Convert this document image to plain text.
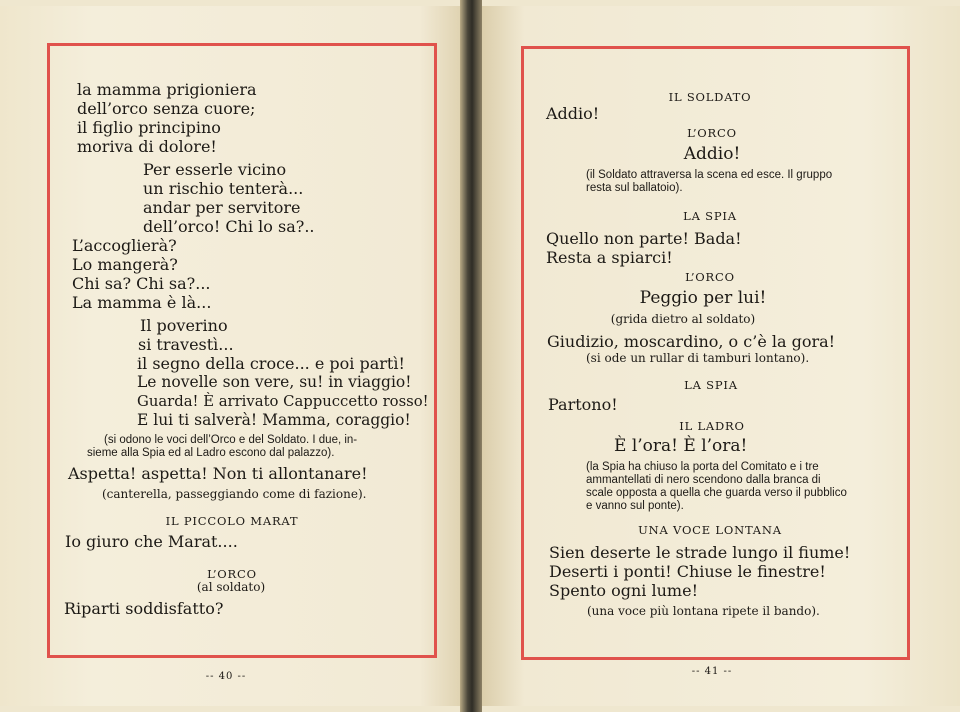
la mamma prigioniera
dell’orco senza cuore;
il figlio principino
moriva di dolore!
Per esserle vicino
un rischio tenterà...
andar per servitore
dell’orco! Chi lo sa?..
L’accoglierà?
Lo mangerà?
Chi sa? Chi sa?...
La mamma è là...
Il poverino
si travestì...
il segno della croce... e poi partì!
Le novelle son vere, su! in viaggio!
Guarda! È arrivato Cappuccetto rosso!
E lui ti salverà! Mamma, coraggio!
(si odono le voci dell’Orco e del Soldato. I due, in-
sieme alla Spia ed al Ladro escono dal palazzo).
Aspetta! aspetta! Non ti allontanare!
(canterella, passeggiando come di fazione).
IL PICCOLO MARAT
Io giuro che Marat....
L’ORCO
(al soldato)
Riparti soddisfatto?
-- 40 --
IL SOLDATO
Addio!
L’ORCO
Addio!
(il Soldato attraversa la scena ed esce. Il gruppo
resta sul ballatoio).
LA SPIA
Quello non parte! Bada!
Resta a spiarci!
L’ORCO
Peggio per lui!
(grida dietro al soldato)
Giudizio, moscardino, o c’è la gora!
(si ode un rullar di tamburi lontano).
LA SPIA
Partono!
IL LADRO
È l’ora! È l’ora!
(la Spia ha chiuso la porta del Comitato e i tre
ammantellati di nero scendono dalla branca di
scale opposta a quella che guarda verso il pubblico
e vanno sul ponte).
UNA VOCE LONTANA
Sien deserte le strade lungo il fiume!
Deserti i ponti! Chiuse le finestre!
Spento ogni lume!
(una voce più lontana ripete il bando).
-- 41 --
